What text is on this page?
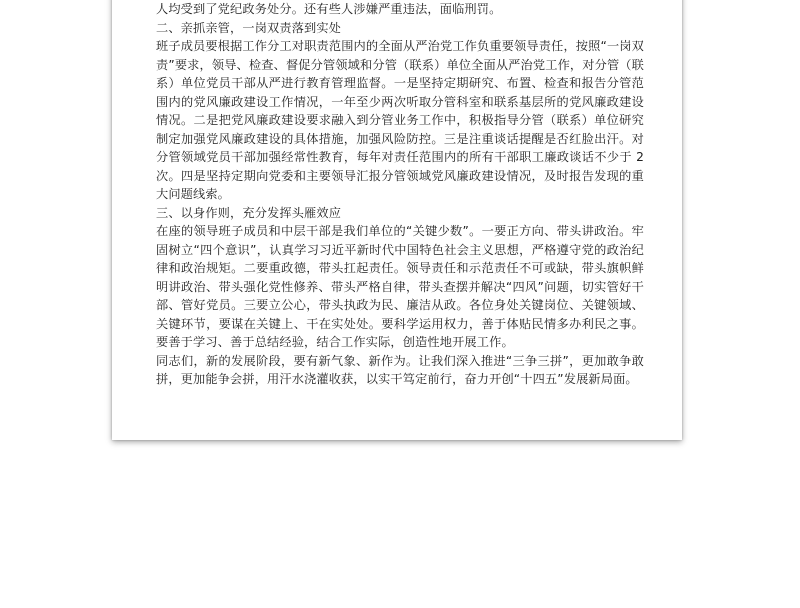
人均受到了党纪政务处分。还有些人涉嫌严重违法，面临刑罚。

二、亲抓亲管，一岗双责落到实处

班子成员要根据工作分工对职责范围内的全面从严治党工作负重要领导责任，按照“一岗双责”要求，领导、检查、督促分管领域和分管（联系）单位全面从严治党工作，对分管（联系）单位党员干部从严进行教育管理监督。一是坚持定期研究、布置、检查和报告分管范围内的党风廉政建设工作情况，一年至少两次听取分管科室和联系基层所的党风廉政建设情况。二是把党风廉政建设要求融入到分管业务工作中，积极指导分管（联系）单位研究制定加强党风廉政建设的具体措施，加强风险防控。三是注重谈话提醒是否红脸出汗。对分管领域党员干部加强经常性教育，每年对责任范围内的所有干部职工廉政谈话不少于 2 次。四是坚持定期向党委和主要领导汇报分管领域党风廉政建设情况，及时报告发现的重大问题线索。

三、以身作则，充分发挥头雁效应

在座的领导班子成员和中层干部是我们单位的“关键少数”。一要正方向、带头讲政治。牢固树立“四个意识”，认真学习习近平新时代中国特色社会主义思想，严格遵守党的政治纪律和政治规矩。二要重政德，带头扛起责任。领导责任和示范责任不可或缺，带头旗帜鲜明讲政治、带头强化党性修养、带头严格自律，带头查摆并解决“四风”问题，切实管好干部、管好党员。三要立公心，带头执政为民、廉洁从政。各位身处关键岗位、关键领域、关键环节，要谋在关键上、干在实处处。要科学运用权力，善于体贴民情多办利民之事。要善于学习、善于总结经验，结合工作实际，创造性地开展工作。

同志们，新的发展阶段，要有新气象、新作为。让我们深入推进“三争三拼”，更加敢争敢拼，更加能争会拼，用汗水浇灌收获，以实干笃定前行，奋力开创“十四五”发展新局面。
